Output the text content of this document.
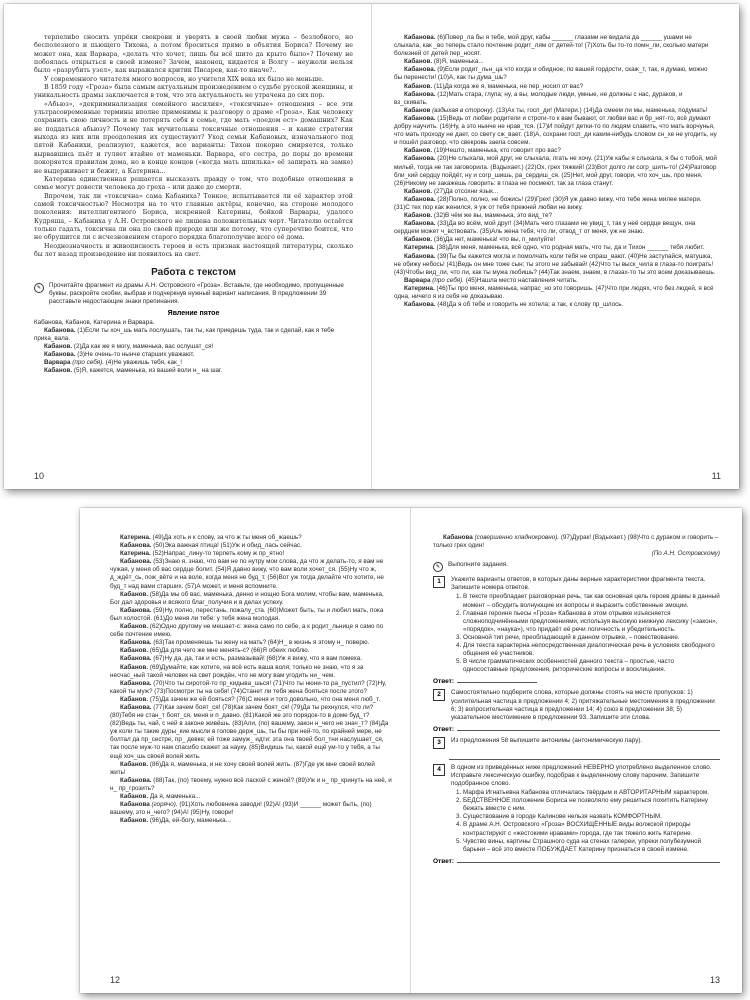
терпелиbо сносить упрёки свекрови и уверять в своей любви мужа – безлобного, но бесполезного и пьющего Тихона, а потом броситься прямо в объятия Бориса? Почему не может она, как Варвара, «делать что хочет, лишь бы всё шито да крыто было»? Почему не побоялась открыться в своей измене? Зачем, наконец, кидается в Волгу – неужели нельзя было «разрубить узел», как выражался критик Писарев, как-то иначе?..

У современного читателя много вопросов, но учителя XIX века их было не меньше.

В 1859 году «Гроза» была самым актуальным произведением о судьбе русской женщины, и уникальность драмы заключается в том, что эта актуальность не утрачена до сих пор.

«Абьюз», «декриминализация семейного насилия», «токсичные» отношения – все эти ультрасовременные термины вполне применимы к разговору о драме «Гроза». Как человеку сохранить свою личность и не потерять себя в семье, где мать «поедом ест» домашних? Как не поддаться абьюзу? Почему так мучительны токсичные отношения – и какие стратегии выхода из них или преодоления их существуют? Уход семьи Кабановых, изначального под пятой Кабанихи, реализуют, кажется, все варианты: Тихон покорно смиряется, только вырвавшись пьёт и гуляет втайне от маменьки. Варвара, его сестра, до поры до времени покоряется правилам дома, но в конце концов («когда мать шпилька» её запирать на замке) не выдерживает и бежит, а Катерина...

Катерина единственная решается высказать правду о том, что подобные отношения в семье могут довести человека до греха – или даже до смерти.

Впрочем, так ли «токсична» сама Кабаниха? Тонкое, испытывается ли её характер этой самой токсичностью? Несмотря на то что главные актёры, конечно, на стороне молодого поколения: интеллигентного Бориса, искренней Катерины, бойкой Варвары, удалого Кудряша, – Кабаниха у А.Н. Островского не лишена положительных черт. Читателю остаётся только гадать, токсична ли она по своей природе или же потому, что суперечтво боится, что не обрушится ли с исчезновением старого порядка благополучие всего её дома.

Неоднозначность и живописность героев и есть признак настоящей литературы, сколько бы лет назад произведение ни появилось на свет.

Работа с текстом
✎	Прочитайте фрагмент из драмы А.Н. Островского «Гроза». Вставьте, где необходимо, пропущенные буквы, раскройте скобки, выбрав и подчеркнув нужный вариант написания. В предложении 39 расставьте недостающие знаки препинания.
Явление пятое

Кабанова, Кабанов, Катерина и Варвара.

Кабанова. (1)Если ты хоч_шь мать послушать, так ты, как приедешь туда, так и сделай, как я тебе прика_вала.

Кабанов. (2)Да как же я могу, маменька, вас ослушат_ся!

Кабанова. (3)Не очень-то нынче старших уважают.

Варвара (про себя). (4)Не уважишь тебя, как_!

Кабанов. (5)Я, кажется, маменька, из вашей воли н_ на шаг.

10

Кабанова. (6)Повер_ла бы я тебе, мой друг, кабы ______ глазами не видала да ______ ушами не слыхала, как _во теперь стало почтение родит_лям от детей-то! (7)Хоть бы то-то помн_ли, сколько матери болезней от детей пер_носят.

Кабанов. (8)Я, маменька...

Кабанова. (9)Если родит_льн_ца что когда и обидное, по вашей гордости, скаж_т, так, я думаю, можно бы перенести! (10)А, как ты дума_шь?

Кабанов. (11)Да когда же я, маменька, не пер_носил от вас?

Кабанова. (12)Мать стара, глупа; ну, а вы, молодые люди, умные, не должны с нас, дураков, и вз_скивать.

Кабанов (вздыхая в сторону). (13)Ах ты, госп_ди! (Матери.) (14)Да смеем ли мы, маменька, подумать!

Кабанова. (15)Ведь от любви родители и строги-то к вам бывают, от любви вас и бр_нят-то, всё думают добру научить. (16)Ну, а это нынче не нрав_тся. (17)И пойдут детки-то по людям славить, что мать ворчунья, что мать проходу не дает, со свету сж_вает. (18)А, сохрани госп_ди каким-нибудь словом сн_хе не угодить, ну и пошёл разговор, что свекровь заела совсем.

Кабанов. (19)Нешто, маменька, кто говорит про вас?

Кабанова. (20)Не слыхала, мой друг, не слыхала, лгать не хочу. (21)Уж кабы я слыхала, я бы с тобой, мой милый, тогда не так заговорила. (Вздыхает.) (22)Ох, грех тяжкий! (23)Вот долго ли согр_шить-то! (24)Разговор бли_кий сердцу пойдёт, ну и согр_шишь, ра_сердиш_ся. (25)Нет, мой друг, говори, что хоч_шь, про меня. (26)Никому не закажешь говорить: в глаза не посмеют, так за глаза станут.

Кабанов. (27)Да отсохни язык...

Кабанова. (28)Полно, полно, не божись! (29)Грех! (30)Я уж давно вижу, что тебе жена милее матери. (31)С тех пор как женился, я уж от тебя прежней любви не вижу.

Кабанов. (32)В чём же вы, маменька, это вид_те?

Кабанова. (33)Да во всём, мой друг! (34)Мать чего глазами не увид_т, так у неё сердце вещун, она сердцем может ч_вствовать. (35)Аль жена тебя, что ли, отвод_т от меня, уж не знаю.

Кабанов. (36)Да нет, маменька! что вы, п_милуйте!

Катерина. (38)Для меня, маменька, всё одно, что родная мать, что ты, да и Тихон ______ тебя любит.

Кабанова. (39)Ты бы кажется могла и помолчать коли тебя не спраш_вают. (40)Не заступайся, матушка, не обижу небось! (41)Ведь он мне тоже сын; ты этого не забывай! (42)Что ты выск_чила в глаза-то поиграть! (43)Чтобы вид_ли, что ли, как ты мужа любишь? (44)Так знаем, знаем, в глазах-то ты это всем доказываешь.

Варвара (про себя). (45)Нашла место наставления читать.

Катерина. (46)Ты про меня, маменька, напрас_но это говоришь. (47)Что при людях, что без людей, я всё одна, ничего я из себя не доказываю.

Кабанова. (48)Да я об тебе и говорить не хотела; а так, к слову пр_шлось.

11

Катерина. (49)Да хоть и к слову, за что ж ты меня об_жаешь?

Кабанова. (50)Эка важная птица! (51)Уж и обид_лась сейчас.

Катерина. (52)Напрас_лину-то терпеть кому ж пр_ятно!

Кабанова. (53)Знаю я, знаю, что вам не по нутру мои слова, да что ж делать-то, я вам не чужая, у меня об вас сердце болит. (54)Я давно вижу, что вам воли хочет_ся. (55)Ну что ж, д_ждёт_сь, пож_вёте и на воле, когда меня не буд_т. (56)Вот уж тогда делайте что хотите, не буд_т над вами старших. (57)А может, и меня вспомните.

Кабанов. (58)Да мы об вас, маменька, денно и нощно Бога молим, чтобы вам, маменька, Бог дал здоровья и всякого благ_получия и в делах успеху.

Кабанова. (59)Ну, полно, перестань, пожалу_ста. (60)Может быть, ты и любил мать, пока был холостой. (61)До меня ли тебе: у тебя жена молодая.

Кабанов. (62)Одно другому не мешает-с: жена само по себе, а к родит_льнице я само по себе почтение имею.

Кабанова. (63)Так променяешь ты жену на мать? (64)Н_ в жизнь я этому н_ поверю.

Кабанов. (65)Да для чего же мне менять-с? (66)Я обеих люблю.

Кабанова. (67)Ну да, да, так и есть, размазывай! (68)Уж я вижу, что я вам помеха.

Кабанов. (69)Думайте, как хотите, на всё есть ваша воля; только не знаю, что я за несчас_ный такой человек на свет рождён, что не могу вам угодить ни_ чем.

Кабанова. (70)Что ты сиротой-то пр_кидыва_шься! (71)Что ты нюни-то ра_пустил? (72)Ну, какой ты муж? (73)Посмотри ты на себя! (74)Станет ли тебя жена бояться после этого?

Кабанов. (75)Да зачем же ей бояться? (76)С меня и того довольно, что она меня люб_т.

Кабанова. (77)Как зачем боят_ся! (78)Как зачем боят_ся! (79)Да ты рехнулся, что ли? (80)Тебя не стан_т боят_ся, меня и п_давно. (81)Какой же это порядок-то в доме буд_т? (82)Ведь ты, чай, с ней в законе живёшь. (83)Али, (по) вашему, закон н_чего не знач_т? (84)Да уж коли ты такие дуры_кие мысли в голове держ_шь, ты бы при ней-то, по крайней мере, не болтал да пр_сестре, пр_ девке; ей тоже замуж_ идти: эта она твоей бол_тни наслушает_ся, так после муж-то нам спасибо скажет за науку. (85)Видишь ты, какой ещё ум-то у тебя, а ты ещё хоч_шь своей волей жить.

Кабанов. (86)Да я, маменька, и не хочу своей волей жить. (87)Где уж мне своей волей жить!

Кабанова. (88)Так, (по) твоему, нужно всё лаской с женой? (89)Уж и н_ пр_кринуть на неё, и н_ пр_грозить?

Кабанов. Да я, маменька...

Кабанова (горячо). (91)Хоть любовника заводи! (92)А! (93)И ______ может быть, (по) вашему, это н_чего? (94)А! (95)Ну, говори!

Кабанов. (96)Да, ей-богу, маменька...

12

Кабанова (совершенно хладнокровно). (97)Дурак! (Вздыхает.) (98)Что с дураком и говорить – только грех один!

(По А.Н. Островскому)

✎	Выполните задания.
1	Укажите варианты ответов, в которых даны верные характеристики фрагмента текста. Запишите номера ответов.
1. В тексте преобладает разговорная речь, так как основная цель героев драмы в данный момент – обсудить волнующие их вопросы и выразить собственные эмоции.
2. Главная героиня пьесы «Гроза» Кабанова в этом отрывке изъясняется сложноподчинёнными предложениями, используя высокую книжную лексику («закон», «порядок», «наука»), что придаёт её речи логичность и убедительность.
3. Основной тип речи, преобладающий в данном отрывке, – повествование.
4. Для текста характерна непосредственная диалогическая речь в условиях свободного общения её участников.
5. В числе грамматических особенностей данного текста – простые, часто односоставные предложения, риторические вопросы и восклицания.
Ответ:
2	Самостоятельно подберите слова, которые должны стоять на месте пропусков: 1) усилительная частица в предложении 4; 2) притяжательные местоимения в предложении 6; 3) вопросительная частица в предложении 14; 4) союз в предложении 38; 5) указательное местоимение в предложении 93. Запишите эти слова.
Ответ:
3	Из предложения 58 выпишите антонимы (антонимическую пару).
4	В одном из приведённых ниже предложений НЕВЕРНО употреблено выделенное слово. Исправьте лексическую ошибку, подобрав к выделенному слову пароним. Запишите подобранное слово.
1. Марфа Игнатьевна Кабанова отличалась твёрдым и АВТОРИТАРНЫМ характером.
2. БЕДСТВЕННОЕ положение Бориса не позволяло ему решиться похитить Катерину бежать вместе с ним.
3. Существование в городе Калинове нельзя назвать КОМФОРТНЫМ.
4. В драме А.Н. Островского «Гроза» ВОСХИЩЁННЫЕ виды волжской природы контрастируют с «жестокими нравами» города, где так тяжело жить Катерине.
5. Чувство вины, картины Страшного суда на стенах галереи, упреки полубезумной барыни – всё это вместе ПОБУЖДАЕТ Катерину признаться в своей измене.
Ответ:
13
